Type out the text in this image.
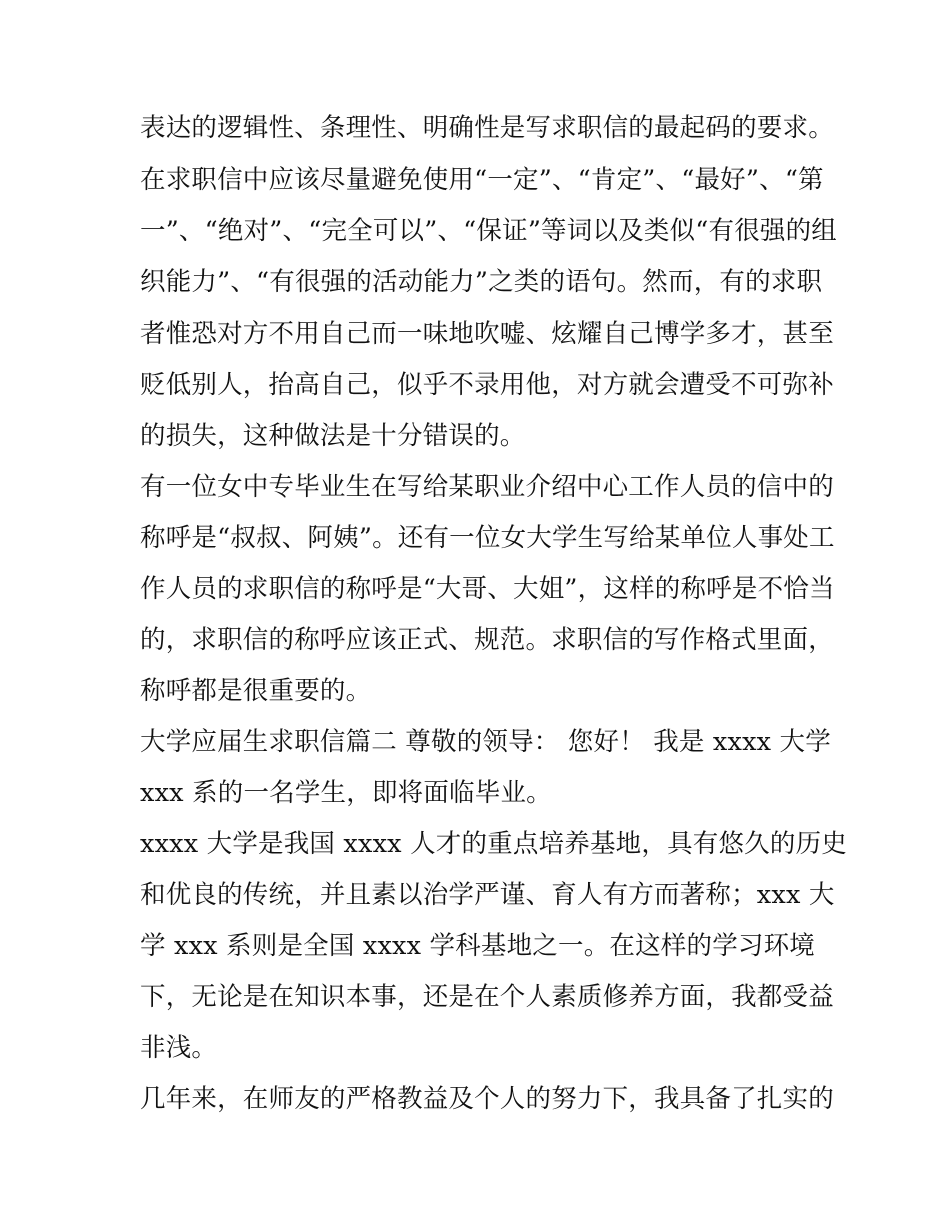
表达的逻辑性、条理性、明确性是写求职信的最起码的要求。
在求职信中应该尽量避免使用“一定”、“肯定”、“最好”、“第
一”、“绝对”、“完全可以”、“保证”等词以及类似“有很强的组
织能力”、“有很强的活动能力”之类的语句。然而，有的求职
者惟恐对方不用自己而一味地吹嘘、炫耀自己博学多才，甚至
贬低别人，抬高自己，似乎不录用他，对方就会遭受不可弥补
的损失，这种做法是十分错误的。
有一位女中专毕业生在写给某职业介绍中心工作人员的信中的
称呼是“叔叔、阿姨”。还有一位女大学生写给某单位人事处工
作人员的求职信的称呼是“大哥、大姐”，这样的称呼是不恰当
的，求职信的称呼应该正式、规范。求职信的写作格式里面，
称呼都是很重要的。
大学应届生求职信篇二 尊敬的领导： 您好！ 我是 xxxx 大学
xxx 系的一名学生，即将面临毕业。
xxxx 大学是我国 xxxx 人才的重点培养基地，具有悠久的历史
和优良的传统，并且素以治学严谨、育人有方而著称；xxx 大
学 xxx 系则是全国 xxxx 学科基地之一。在这样的学习环境
下，无论是在知识本事，还是在个人素质修养方面，我都受益
非浅。
几年来，在师友的严格教益及个人的努力下，我具备了扎实的
